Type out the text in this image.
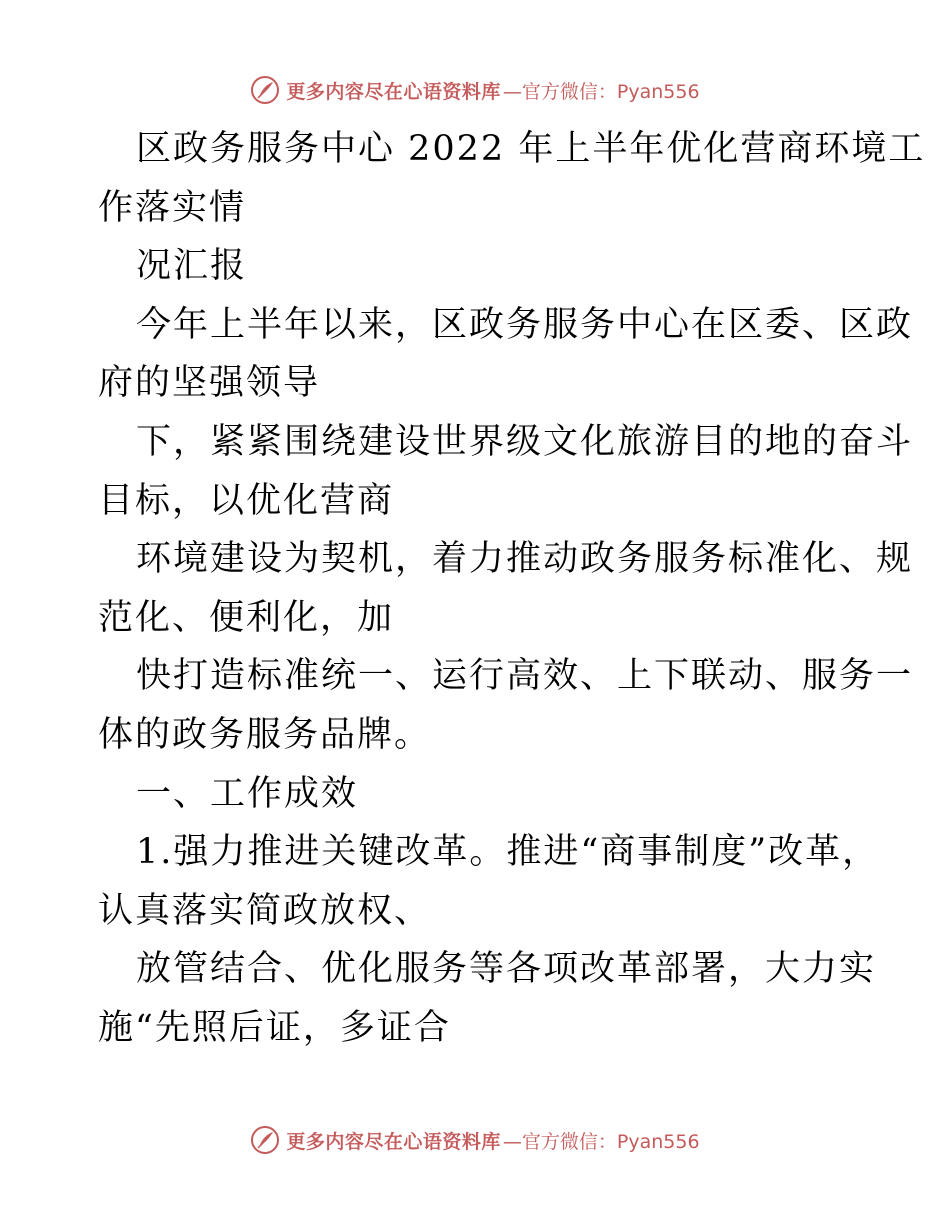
更多内容尽在心语资料库 —官方微信：Pyan556

区政务服务中心 2022 年上半年优化营商环境工

作落实情

况汇报

今年上半年以来，区政务服务中心在区委、区政

府的坚强领导

下，紧紧围绕建设世界级文化旅游目的地的奋斗

目标，以优化营商

环境建设为契机，着力推动政务服务标准化、规

范化、便利化，加

快打造标准统一、运行高效、上下联动、服务一

体的政务服务品牌。

一、工作成效

1.强力推进关键改革。推进“商事制度”改革，

认真落实简政放权、

放管结合、优化服务等各项改革部署，大力实

施“先照后证，多证合

更多内容尽在心语资料库 —官方微信：Pyan556
